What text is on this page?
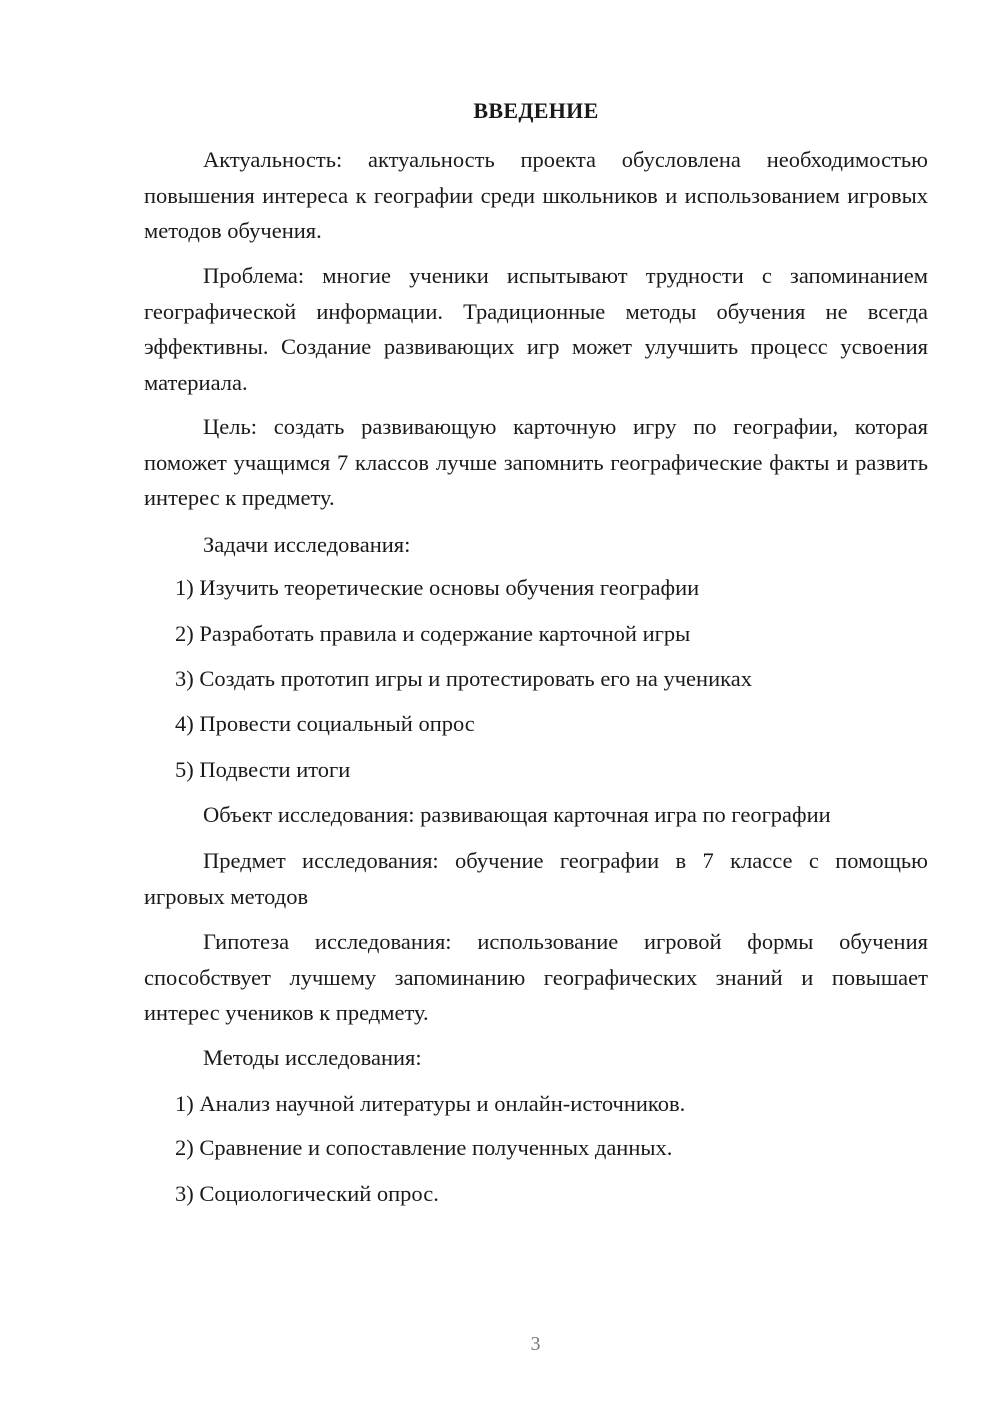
ВВЕДЕНИЕ

Актуальность: актуальность проекта обусловлена необходимостью повышения интереса к географии среди школьников и использованием игровых методов обучения.

Проблема: многие ученики испытывают трудности с запоминанием географической информации. Традиционные методы обучения не всегда эффективны. Создание развивающих игр может улучшить процесс усвоения материала.

Цель: создать развивающую карточную игру по географии, которая поможет учащимся 7 классов лучше запомнить географические факты и развить интерес к предмету.

Задачи исследования:

1) Изучить теоретические основы обучения географии
2) Разработать правила и содержание карточной игры
3) Создать прототип игры и протестировать его на учениках
4) Провести социальный опрос
5) Подвести итоги

Объект исследования: развивающая карточная игра по географии

Предмет исследования: обучение географии в 7 классе с помощью игровых методов

Гипотеза исследования: использование игровой формы обучения способствует лучшему запоминанию географических знаний и повышает интерес учеников к предмету.

Методы исследования:

1) Анализ научной литературы и онлайн-источников.
2) Сравнение и сопоставление полученных данных.
3) Социологический опрос.
3
